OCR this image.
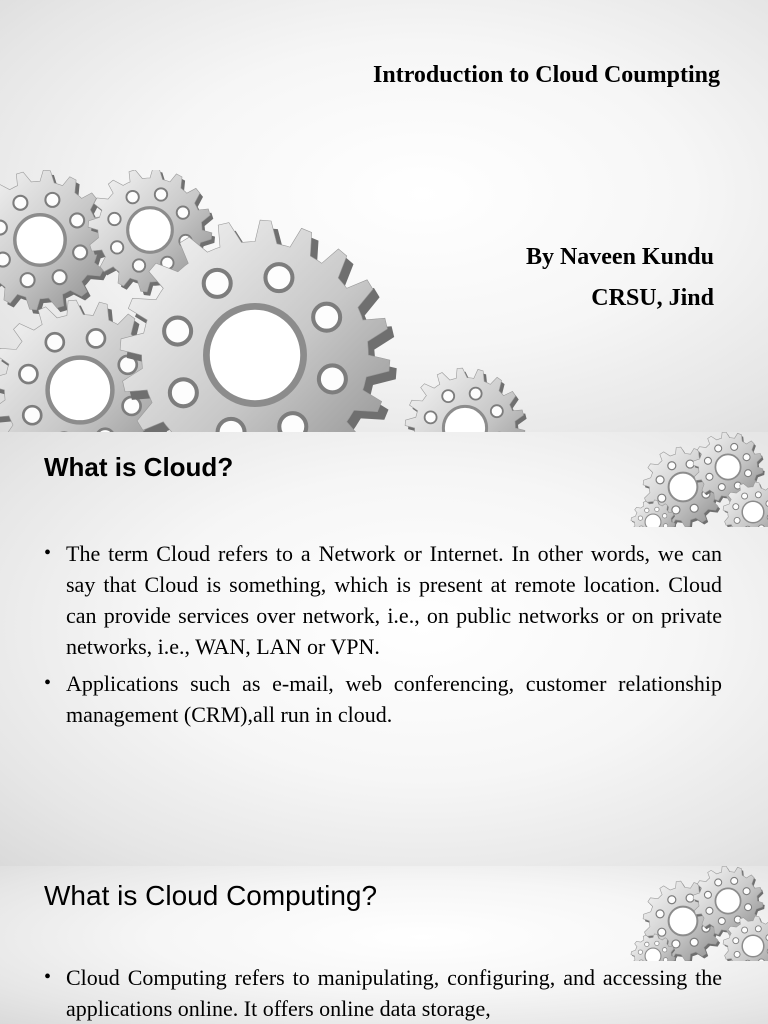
Introduction to Cloud Coumpting
By Naveen Kundu
CRSU, Jind
What is Cloud?
• The term Cloud refers to a Network or Internet. In other words, we can say that Cloud is something, which is present at remote location. Cloud can provide services over network, i.e., on public networks or on private networks, i.e., WAN, LAN or VPN.
• Applications such as e-mail, web conferencing, customer relationship management (CRM),all run in cloud.
What is Cloud Computing?
• Cloud Computing refers to manipulating, configuring, and accessing the applications online. It offers online data storage,
